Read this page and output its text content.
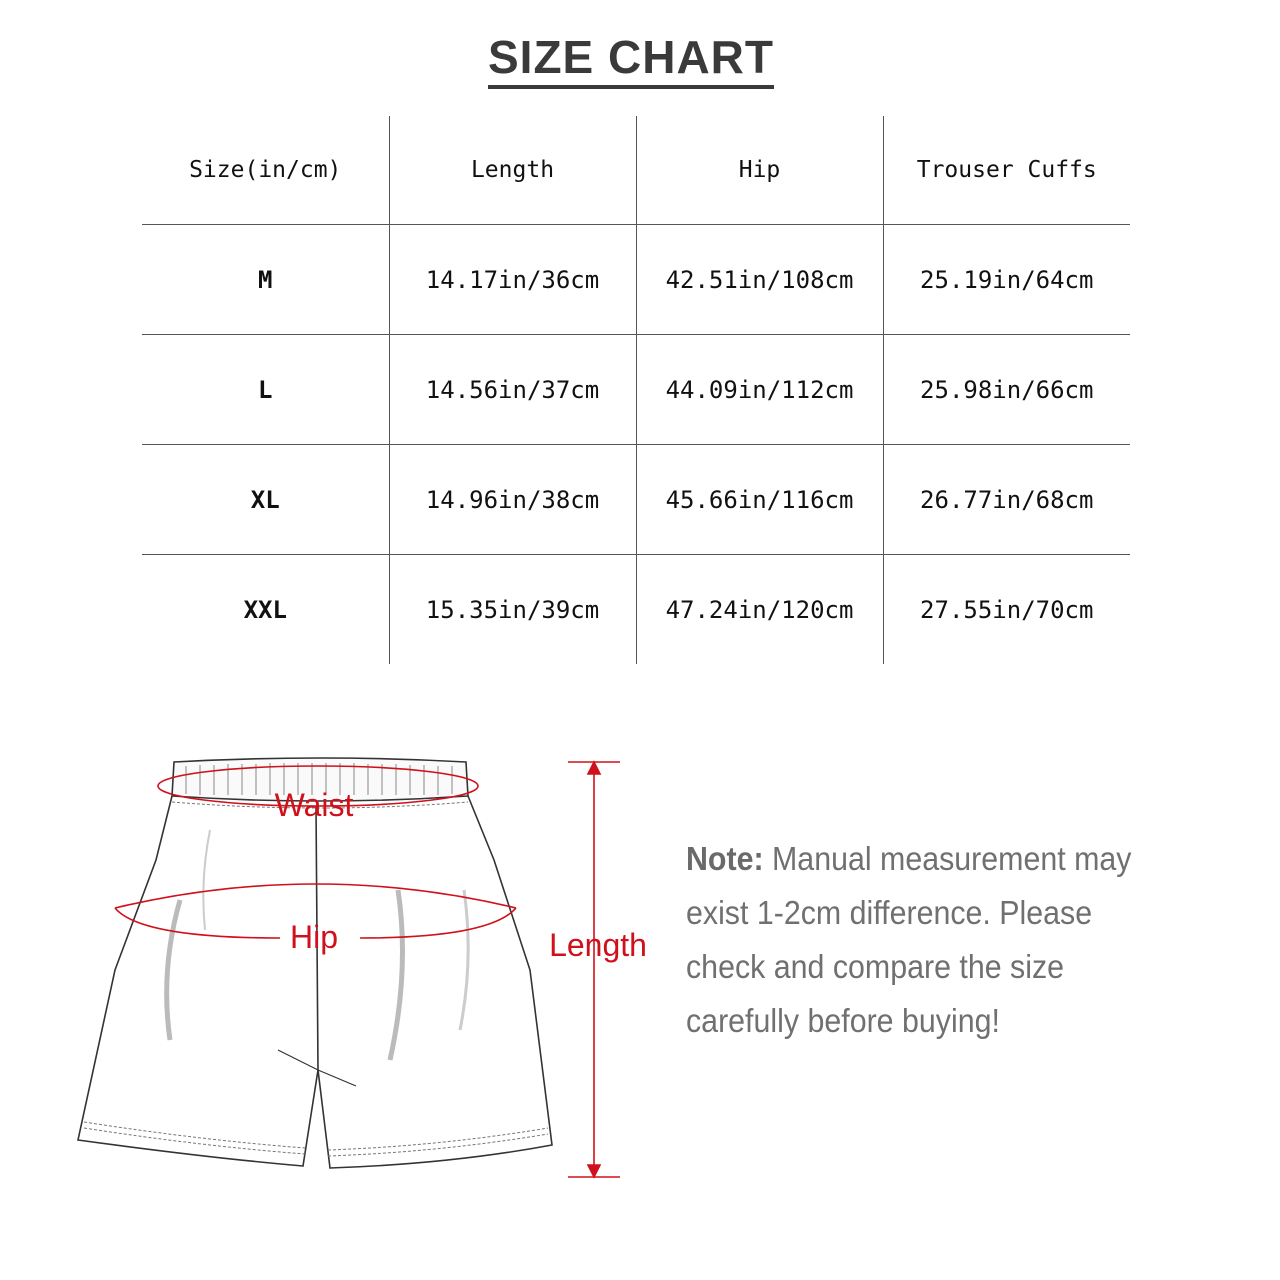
SIZE CHART
Size(in/cm)	Length	Hip	Trouser Cuffs
M	14.17in/36cm	42.51in/108cm	25.19in/64cm
L	14.56in/37cm	44.09in/112cm	25.98in/66cm
XL	14.96in/38cm	45.66in/116cm	26.77in/68cm
XXL	15.35in/39cm	47.24in/120cm	27.55in/70cm
Waist
Hip	Length
Note: Manual measurement may exist 1-2cm difference. Please check and compare the size carefully before buying!
